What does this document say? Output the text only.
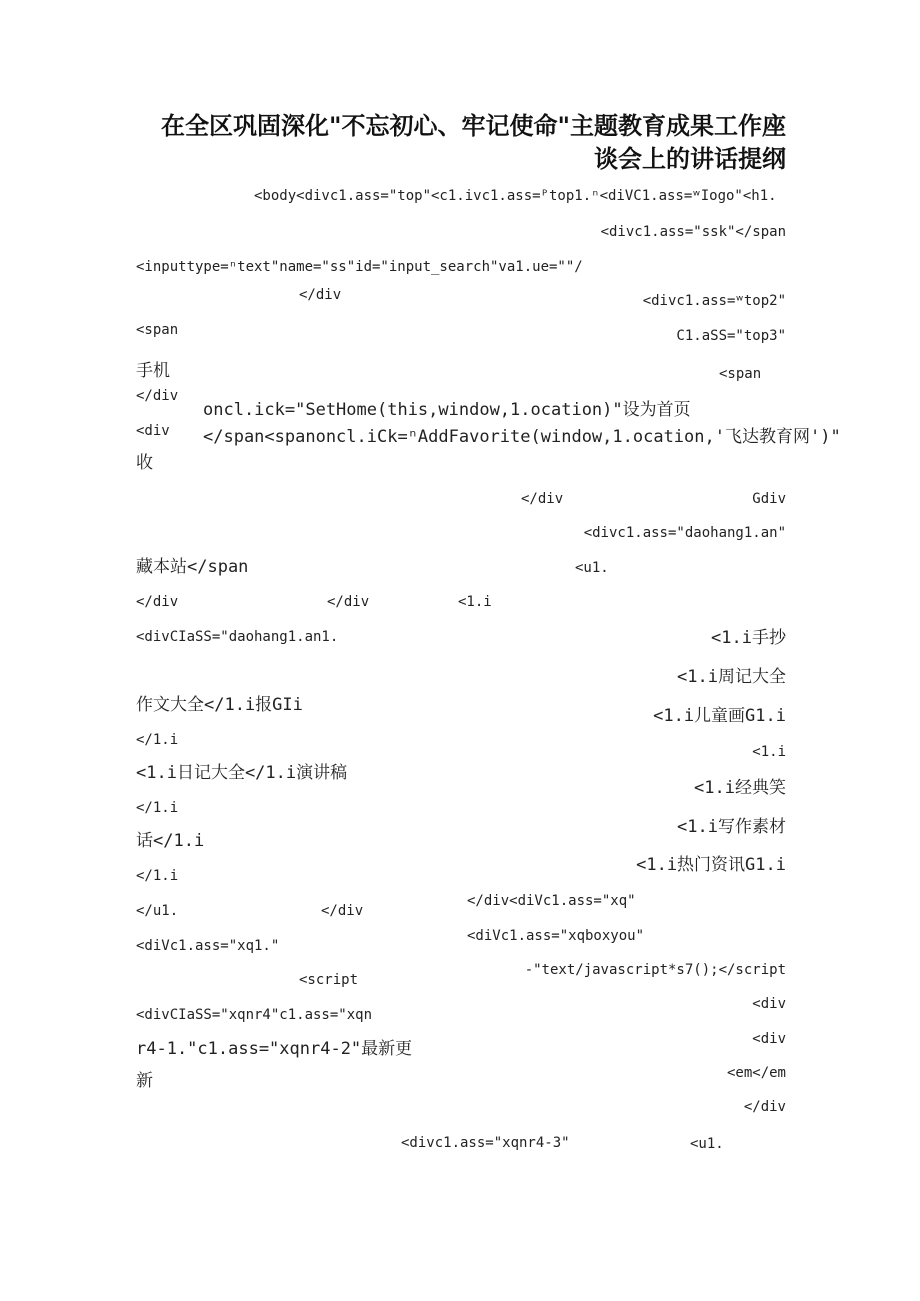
在全区巩固深化"不忘初心、牢记使命"主题教育成果工作座
谈会上的讲话提纲
<body<divc1.ass="top"<c1.ivc1.ass=ᴾtop1.ⁿ<diVC1.ass=ʷIogo"<h1.
<divc1.ass="ssk"</span
<inputtype=ⁿtext"name="ss"id="input_search"va1.ue=""/
</div	<divc1.ass=ʷtop2"
<span	C1.aSS="top3"
手机	<span
</div
oncl.ick="SetHome(this,window,1.ocation)"设为首页
<div </span<spanoncl.iCk=ⁿAddFavorite(window,1.ocation,'飞达教育网')"
收
</div	Gdiv
<divc1.ass="daohang1.an"
藏本站</span	<u1.
</div	</div	<1.i
<divCIaSS="daohang1.an1.	<1.i手抄
<1.i周记大全
作文大全</1.i报GIi
<1.i儿童画G1.i
</1.i
<1.i
<1.i日记大全</1.i演讲稿
<1.i经典笑
</1.i
<1.i写作素材
话</1.i
<1.i热门资讯G1.i
</1.i
</div<diVc1.ass="xq"
</u1.	</div
<diVc1.ass="xqboxyou"
<diVc1.ass="xq1."
-"text/javascript*s7();</script
<script
<div
<divCIaSS="xqnr4"c1.ass="xqn
<div
r4-1."c1.ass="xqnr4-2"最新更
<em</em
新
</div
<divc1.ass="xqnr4-3"	<u1.
